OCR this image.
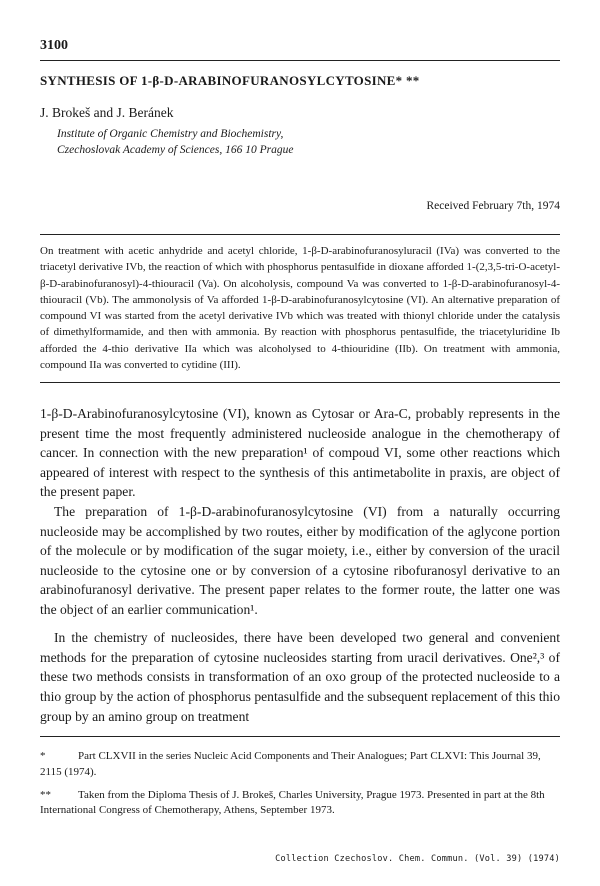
3100
SYNTHESIS OF 1-β-D-ARABINOFURANOSYLCYTOSINE* **
J. Brokeš and J. Beránek
Institute of Organic Chemistry and Biochemistry,
Czechoslovak Academy of Sciences, 166 10 Prague
Received February 7th, 1974
On treatment with acetic anhydride and acetyl chloride, 1-β-D-arabinofuranosyluracil (IVa) was converted to the triacetyl derivative IVb, the reaction of which with phosphorus pentasulfide in dioxane afforded 1-(2,3,5-tri-O-acetyl-β-D-arabinofuranosyl)-4-thiouracil (Va). On alcoholysis, compound Va was converted to 1-β-D-arabinofuranosyl-4-thiouracil (Vb). The ammonolysis of Va afforded 1-β-D-arabinofuranosylcytosine (VI). An alternative preparation of compound VI was started from the acetyl derivative IVb which was treated with thionyl chloride under the catalysis of dimethylformamide, and then with ammonia. By reaction with phosphorus pentasulfide, the triacetyluridine Ib afforded the 4-thio derivative IIa which was alcoholysed to 4-thiouridine (IIb). On treatment with ammonia, compound IIa was converted to cytidine (III).

1-β-D-Arabinofuranosylcytosine (VI), known as Cytosar or Ara-C, probably represents in the present time the most frequently administered nucleoside analogue in the chemotherapy of cancer. In connection with the new preparation¹ of compoud VI, some other reactions which appeared of interest with respect to the synthesis of this antimetabolite in praxis, are object of the present paper.

The preparation of 1-β-D-arabinofuranosylcytosine (VI) from a naturally occurring nucleoside may be accomplished by two routes, either by modification of the aglycone portion of the molecule or by modification of the sugar moiety, i.e., either by conversion of the uracil nucleoside to the cytosine one or by conversion of a cytosine ribofuranosyl derivative to an arabinofuranosyl derivative. The present paper relates to the former route, the latter one was the object of an earlier communication¹.

In the chemistry of nucleosides, there have been developed two general and convenient methods for the preparation of cytosine nucleosides starting from uracil derivatives. One²,³ of these two methods consists in transformation of an oxo group of the protected nucleoside to a thio group by the action of phosphorus pentasulfide and the subsequent replacement of this thio group by an amino group on treatment

*	Part CLXVII in the series Nucleic Acid Components and Their Analogues; Part CLXVI: This Journal 39, 2115 (1974).
** Taken from the Diploma Thesis of J. Brokeš, Charles University, Prague 1973. Presented in part at the 8th International Congress of Chemotherapy, Athens, September 1973.
Collection Czechoslov. Chem. Commun. (Vol. 39) (1974)
